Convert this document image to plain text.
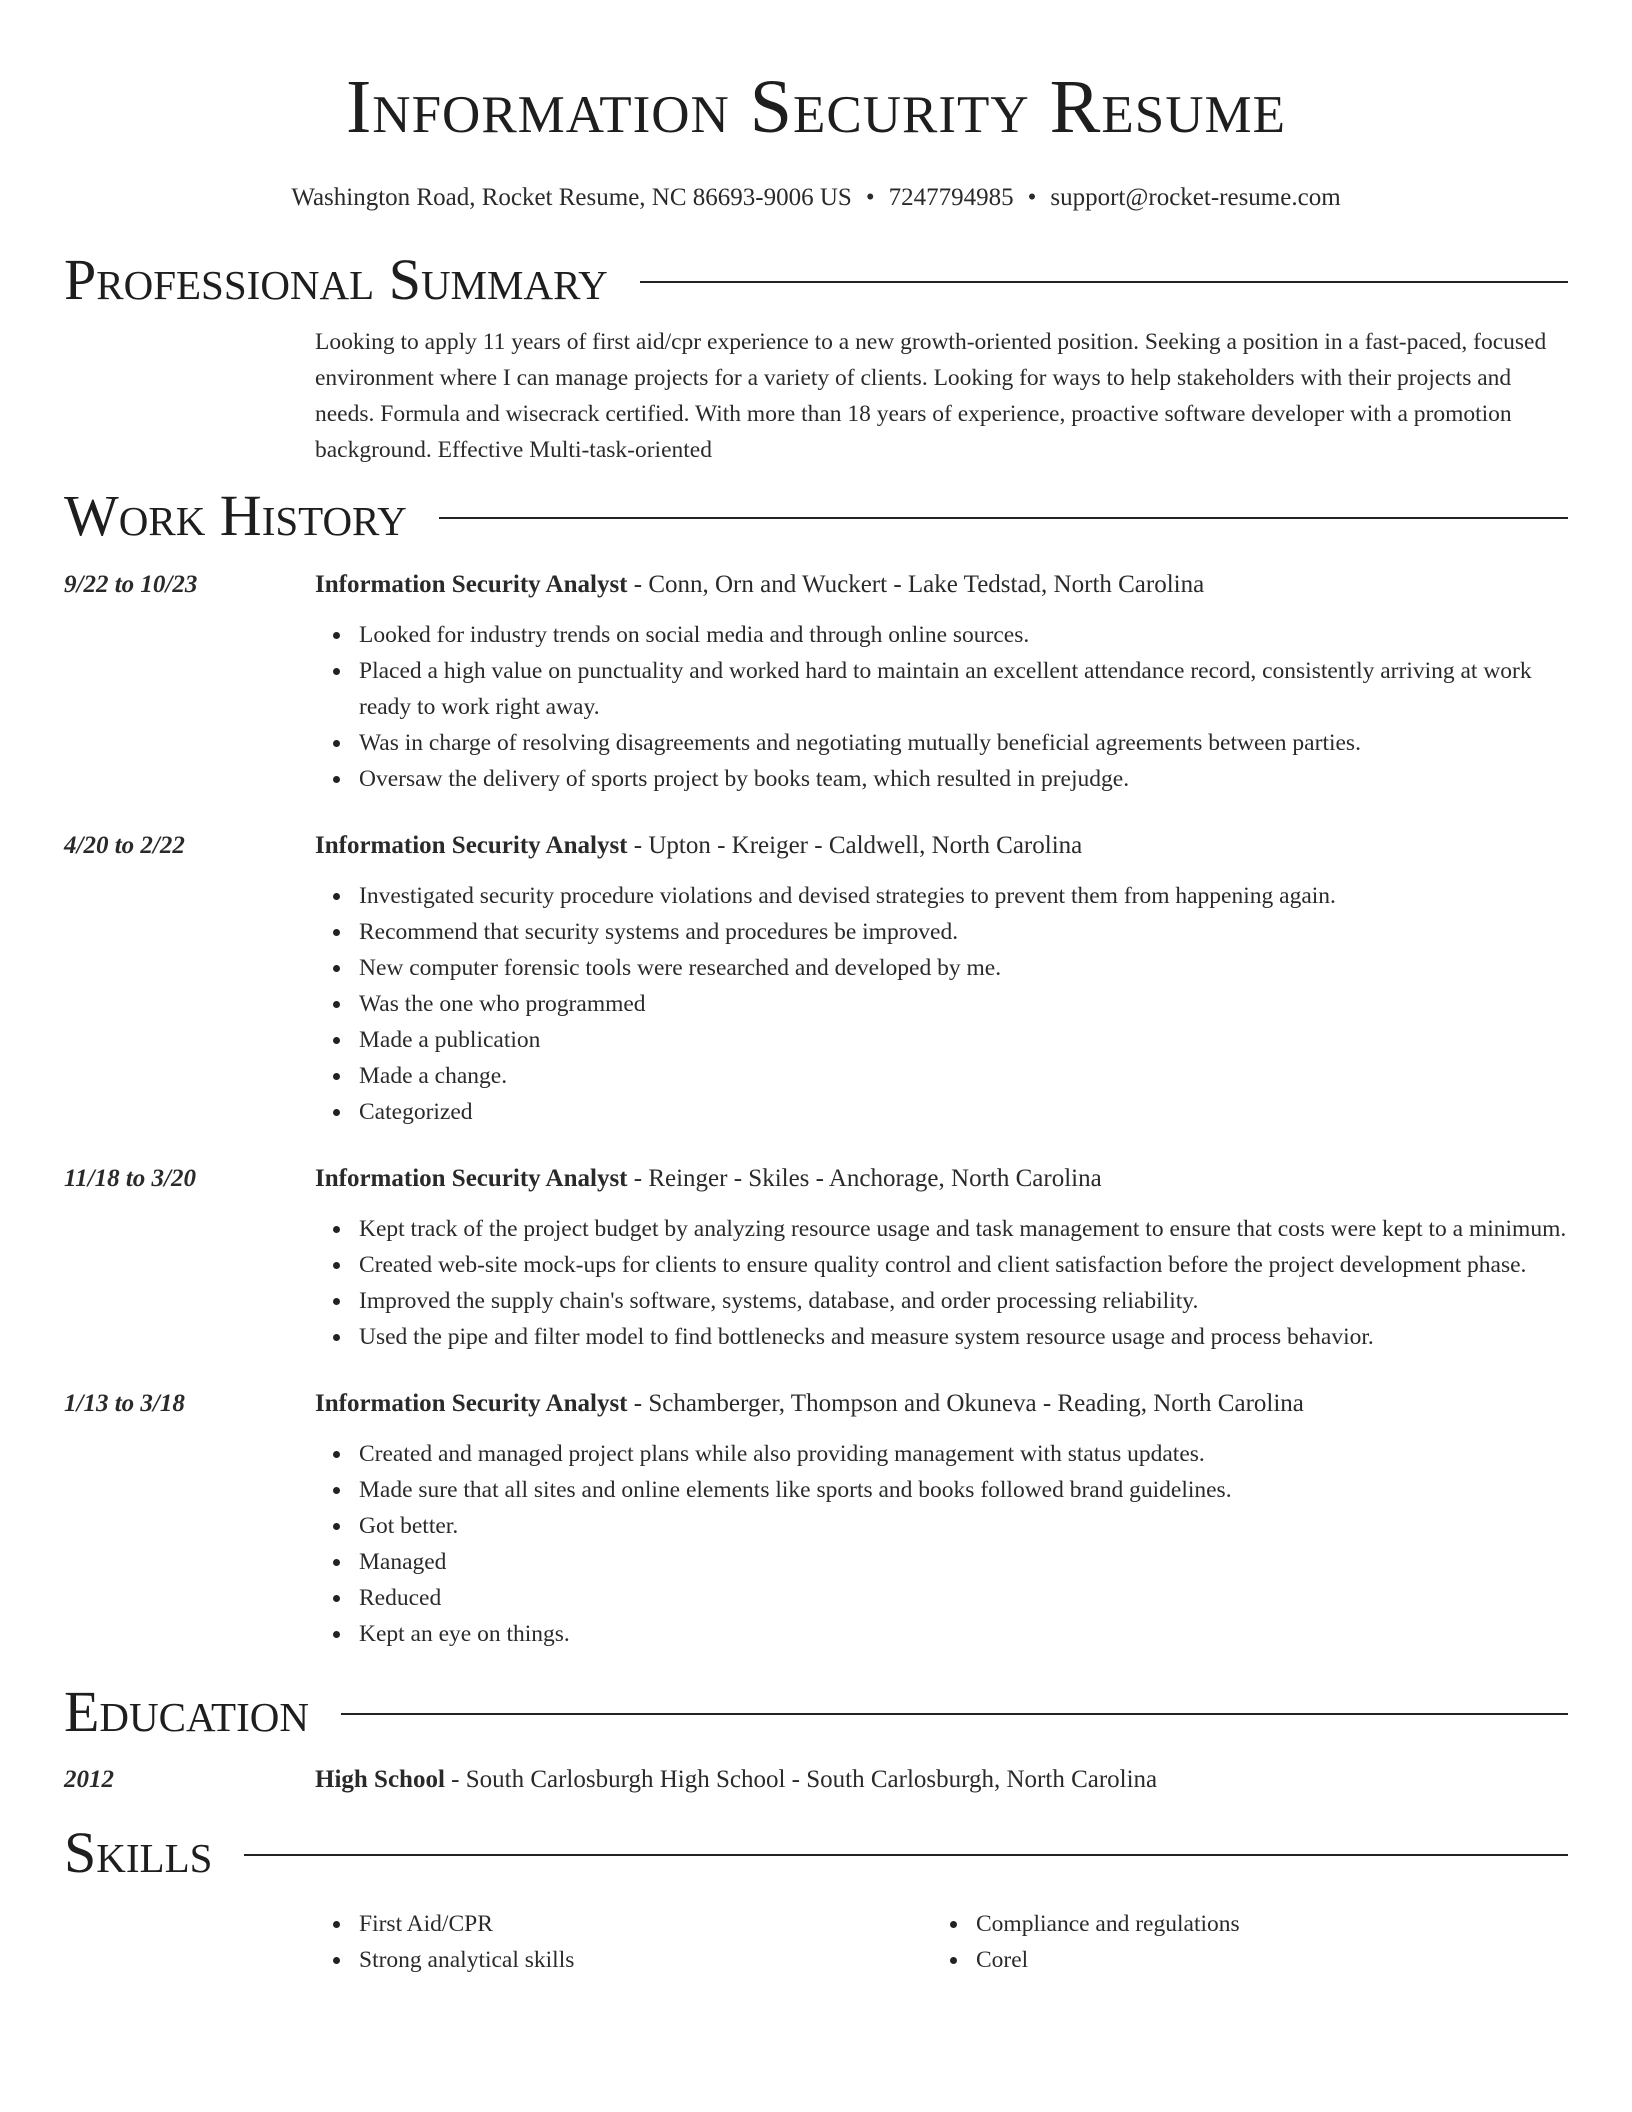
Information Security Resume
Washington Road, Rocket Resume, NC 86693-9006 US • 7247794985 • support@rocket-resume.com
Professional Summary
Looking to apply 11 years of first aid/cpr experience to a new growth-oriented position. Seeking a position in a fast-paced, focused environment where I can manage projects for a variety of clients. Looking for ways to help stakeholders with their projects and needs. Formula and wisecrack certified. With more than 18 years of experience, proactive software developer with a promotion background. Effective Multi-task-oriented
Work History
9/22 to 10/23	Information Security Analyst - Conn, Orn and Wuckert - Lake Tedstad, North Carolina
Looked for industry trends on social media and through online sources.
Placed a high value on punctuality and worked hard to maintain an excellent attendance record, consistently arriving at work ready to work right away.
Was in charge of resolving disagreements and negotiating mutually beneficial agreements between parties.
Oversaw the delivery of sports project by books team, which resulted in prejudge.
4/20 to 2/22	Information Security Analyst - Upton - Kreiger - Caldwell, North Carolina
Investigated security procedure violations and devised strategies to prevent them from happening again.
Recommend that security systems and procedures be improved.
New computer forensic tools were researched and developed by me.
Was the one who programmed
Made a publication
Made a change.
Categorized
11/18 to 3/20	Information Security Analyst - Reinger - Skiles - Anchorage, North Carolina
Kept track of the project budget by analyzing resource usage and task management to ensure that costs were kept to a minimum.
Created web-site mock-ups for clients to ensure quality control and client satisfaction before the project development phase.
Improved the supply chain's software, systems, database, and order processing reliability.
Used the pipe and filter model to find bottlenecks and measure system resource usage and process behavior.
1/13 to 3/18	Information Security Analyst - Schamberger, Thompson and Okuneva - Reading, North Carolina
Created and managed project plans while also providing management with status updates.
Made sure that all sites and online elements like sports and books followed brand guidelines.
Got better.
Managed
Reduced
Kept an eye on things.
Education
2012	High School - South Carlosburgh High School - South Carlosburgh, North Carolina
Skills
First Aid/CPR
Strong analytical skills
Compliance and regulations
Corel
